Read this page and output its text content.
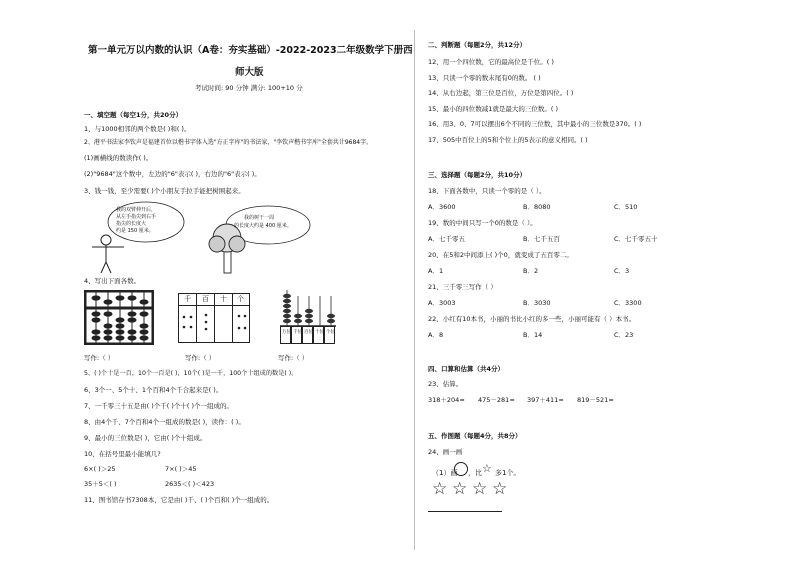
第一单元万以内数的认识（A卷：夯实基础）-2022-2023二年级数学下册西
师大版
考试时间: 90 分钟 满分: 100+10 分
一、填空题（每空1分，共20分）
1、与1000相邻的两个数是( )和( )。
2、港平书法家李钦声是福建首位以楷书字体入选"方正字库"的书法家，"李钦声楷书字库"全套共计9684字。
(1)画横线的数读作( )。
(2)"9684"这个数中，左边的"6"表示( )，右边的"6"表示( )。
3、钱一钱，至少需要( )个小朋友手拉手能把树围起来。
我的双臂伸开后，
从左手指尖到右手
指尖的长度大
约是 150 厘米。
我的树干一周
的长度大约是 400 厘米。
4、写出下面各数。
千 百 十 个
万位 千位 百位 十位 个位
写作:（ ）	写作:（ ）	写作:（ ）
5、( )个十是一百，10个一百是( )，10个( )是一千，100个十组成的数是( )。
6、3个一、5个十、1个百和4个千合起来是( )。
7、一千零三十五是由( )个千( )个十( )个一组成的。
8、由4个千、7个百和4个一组成的数是( )，读作：( )。
9、最小的三位数是( )，它由( )个十组成。
10、在括号里最小能填几?
6×( )＞25	7×( )＞45
35＋5＜( )	2635＜( )＜423
11、图书馆存书7308本，它是由( )千、( )个百和( )个一组成的。
二、判断题（每题2分，共12分）
12、用一个四位数，它的最高位是千位。( )
13、只读一个零的数末尾有0的数。 ( )
14、从右边起，第三位是百位，万位是第四位。( )
15、最小的四位数减1就是最大的三位数。( )
16、用3、0、7可以摆出6个不同的三位数，其中最小的三位数是370。( )
17、505中百位上的5和个位上的5表示的意义相同。( )
三、选择题（每题2分，共10分）
18、下面各数中，只读一个零的是（ ）。
A．3600	B．8080	C．510
19、数的中间只写一个0的数是（ ）。
A．七千零五	B．七千五百	C．七千零五十
20、在5和2中间添上( )个0，就变成了五百零二。
A．1	B．2	C．3
21、三千零三写作（ ）
A．3003	B．3030	C．3300
22、小红有10本书，小丽的书比小红的多一些，小丽可能有（ ）本书。
A．8	B．14	C．23
四、口算和估算（共4分）
23、估算。
318＋204≈ 475－281≈ 397＋411≈ 819－521≈
五、作图题（每题4分，共8分）
24、画一画
（1）画 ，比 ☆ 多1个。
☆ ☆ ☆ ☆
